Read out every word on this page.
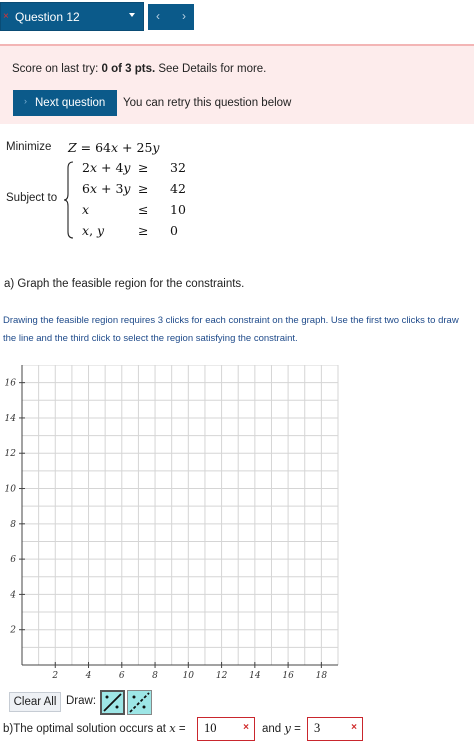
× Question 12	‹ ›
Score on last try: 0 of 3 pts. See Details for more.
› Next question	You can retry this question below
Minimize Z = 64x + 25y
Subject to
2x + 4y ≥ 32
6x + 3y ≥ 42
x	≤ 10
x, y	≥ 0
a) Graph the feasible region for the constraints.
Drawing the feasible region requires 3 clicks for each constraint on the graph. Use the first two clicks to draw the line and the third click to select the region satisfying the constraint.
2	4	6	8	10 12 14 16 18
2
4
6
8
10
12
14
16
Clear All Draw:
b)The optimal solution occurs at x = 10	× and y = 3	×
